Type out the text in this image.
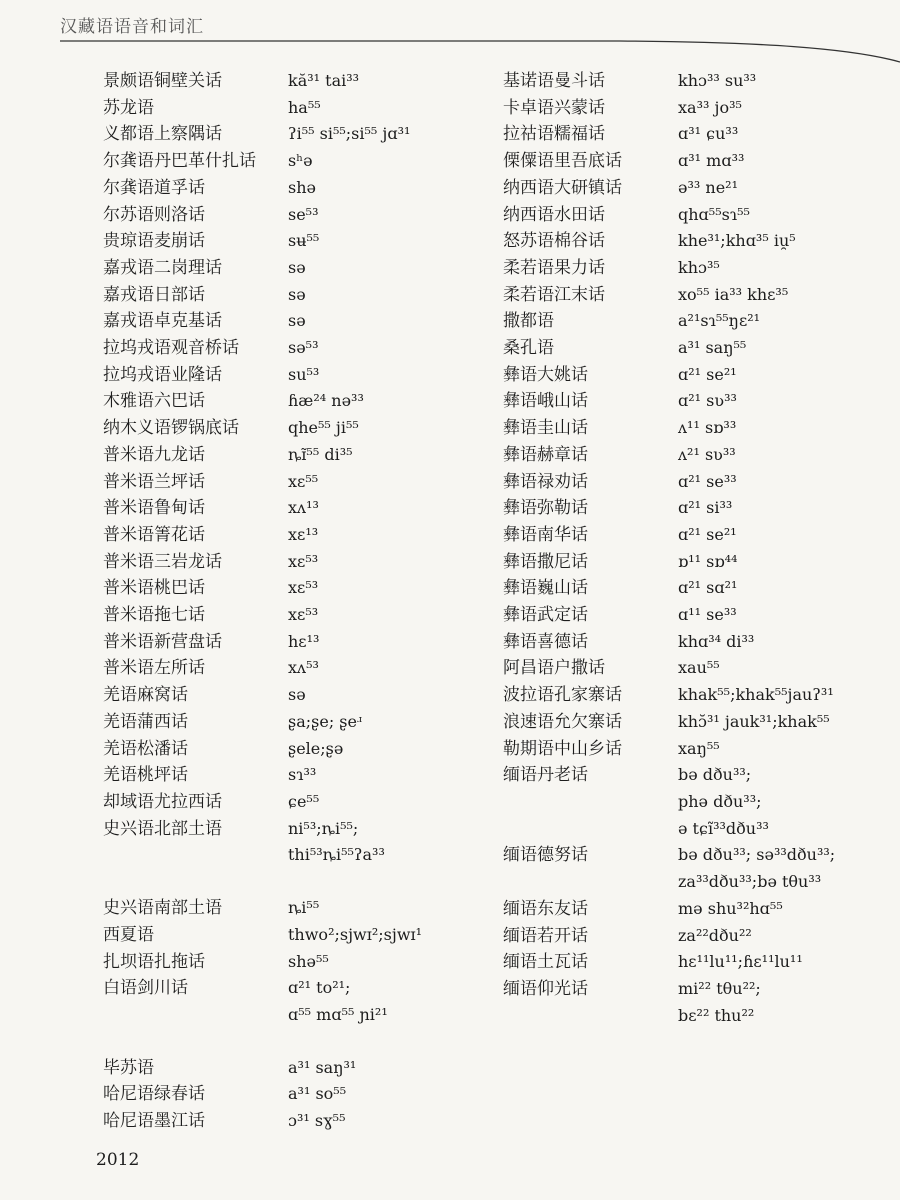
汉藏语语音和词汇
景颇语铜壁关话	kă³¹ tai³³
苏龙语	ha⁵⁵
义都语上察隅话	ʔi⁵⁵ si⁵⁵;si⁵⁵ jɑ³¹
尔龚语丹巴革什扎话	sʰə
尔龚语道孚话	shə
尔苏语则洛话	se⁵³
贵琼语麦崩话	sʉ⁵⁵
嘉戎语二岗理话	sə
嘉戎语日部话	sə
嘉戎语卓克基话	sə
拉坞戎语观音桥话	sə⁵³
拉坞戎语业隆话	su⁵³
木雅语六巴话	ɦæ²⁴ nə³³
纳木义语锣锅底话	qhe⁵⁵ ji⁵⁵
普米语九龙话	ȵɪ̃⁵⁵ di³⁵
普米语兰坪话	xɛ⁵⁵
普米语鲁甸话	xʌ¹³
普米语箐花话	xɛ¹³
普米语三岩龙话	xɛ⁵³
普米语桃巴话	xɛ⁵³
普米语拖七话	xɛ⁵³
普米语新营盘话	hɛ¹³
普米语左所话	xʌ⁵³
羌语麻窝话	sə
羌语蒲西话	ʂa;ʂe; ʂeʴ
羌语松潘话	ʂele;ʂə
羌语桃坪话	sɿ³³
却域语尤拉西话	ɕe⁵⁵
史兴语北部土语	ni⁵³;ȵi⁵⁵;
thi⁵³ȵi⁵⁵ʔa³³
史兴语南部土语	ȵi⁵⁵
西夏语	thwo²;sjwɪ²;sjwɪ¹
扎坝语扎拖话	shə⁵⁵
白语剑川话	ɑ²¹ to²¹;
ɑ⁵⁵ mɑ⁵⁵ ɲi²¹
毕苏语	a³¹ saŋ³¹
哈尼语绿春话	a³¹ so⁵⁵
哈尼语墨江话	ɔ³¹ sɣ⁵⁵
基诺语曼斗话	khɔ³³ su³³
卡卓语兴蒙话	xa³³ jo³⁵
拉祜语糯福话	ɑ³¹ ɕu³³
傈僳语里吾底话	ɑ³¹ mɑ³³
纳西语大研镇话	ə³³ ne²¹
纳西语水田话	qhɑ⁵⁵sɿ⁵⁵
怒苏语棉谷话	khe³¹;khɑ³⁵ iu̯⁵
柔若语果力话	khɔ³⁵
柔若语江末话	xo⁵⁵ ia³³ khɛ³⁵
撒都语	a²¹sɿ⁵⁵ŋɛ²¹
桑孔语	a³¹ saŋ⁵⁵
彝语大姚话	ɑ²¹ se²¹
彝语峨山话	ɑ²¹ sʋ³³
彝语圭山话	ʌ¹¹ sɒ³³
彝语赫章话	ʌ²¹ sʋ³³
彝语禄劝话	ɑ²¹ se³³
彝语弥勒话	ɑ²¹ si³³
彝语南华话	ɑ²¹ se²¹
彝语撒尼话	ɒ¹¹ sɒ⁴⁴
彝语巍山话	ɑ²¹ sɑ²¹
彝语武定话	ɑ¹¹ se³³
彝语喜德话	khɑ³⁴ di³³
阿昌语户撒话	xau⁵⁵
波拉语孔家寨话	khak⁵⁵;khak⁵⁵jauʔ³¹
浪速语允欠寨话	khɔ̆³¹ jauk³¹;khak⁵⁵
勒期语中山乡话	xaŋ⁵⁵
缅语丹老话	bə dðu³³;
phə dðu³³;
ə tɕĩ³³dðu³³
缅语德努话	bə dðu³³; sə³³dðu³³;
za³³dðu³³;bə tθu³³
缅语东友话	mə shu³²hɑ⁵⁵
缅语若开话	za²²dðu²²
缅语土瓦话	hɛ¹¹lu¹¹;ɦɛ¹¹lu¹¹
缅语仰光话	mi²² tθu²²;
bɛ²² thu²²
2012
